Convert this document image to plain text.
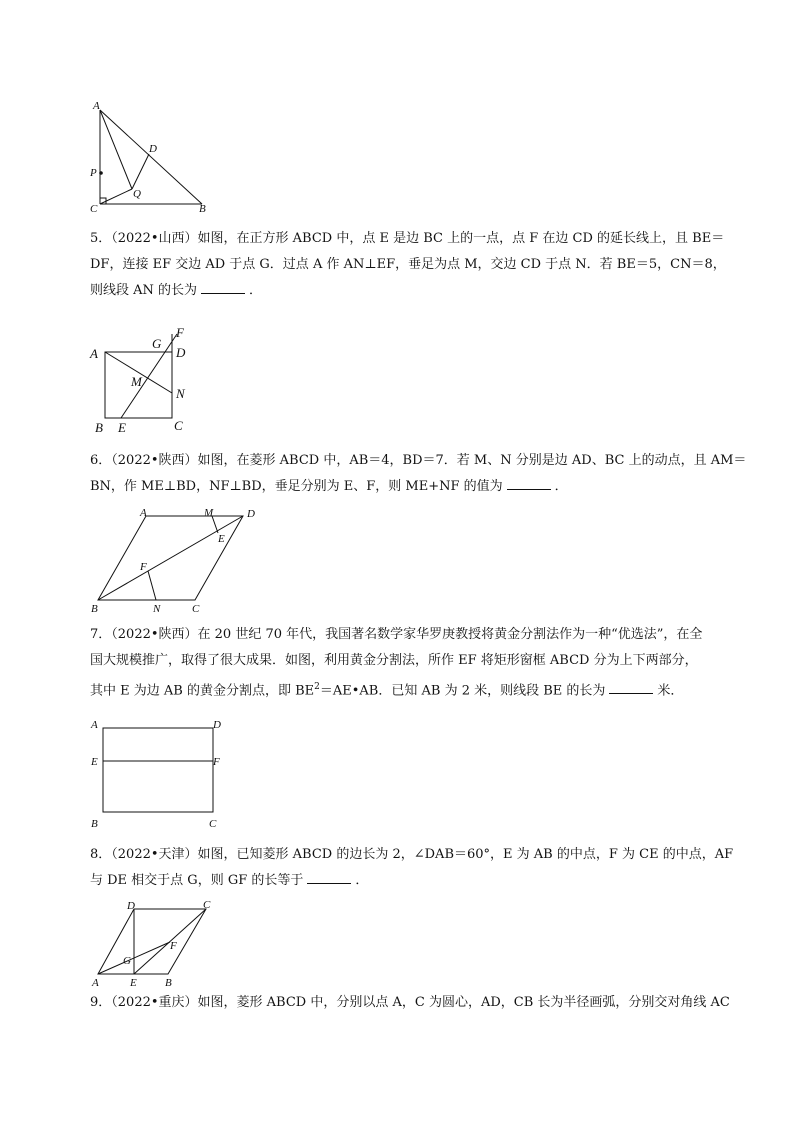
A
D
P
Q
C	B
5．（2022•山西）如图，在正方形 ABCD 中，点 E 是边 BC 上的一点，点 F 在边 CD 的延长线上，且 BE＝
DF，连接 EF 交边 AD 于点 G．过点 A 作 AN⊥EF，垂足为点 M，交边 CD 于点 N．若 BE＝5，CN＝8，
则线段 AN 的长为	．
A
G
F
D
M
N
B E	C
6．（2022•陕西）如图，在菱形 ABCD 中，AB＝4，BD＝7．若 M、N 分别是边 AD、BC 上的动点，且 AM＝
BN，作 ME⊥BD，NF⊥BD，垂足分别为 E、F，则 ME+NF 的值为	．
A	M	D
E
F
B	N	C
7．（2022•陕西）在 20 世纪 70 年代，我国著名数学家华罗庚教授将黄金分割法作为一种“优选法”，在全
国大规模推广，取得了很大成果．如图，利用黄金分割法，所作 EF 将矩形窗框 ABCD 分为上下两部分，
其中 E 为边 AB 的黄金分割点，即 $BE^2=AE•AB$．已知 AB 为 2 米，则线段 BE 的长为	米．
A	D
E	F
B	C
8．（2022•天津）如图，已知菱形 ABCD 的边长为 2，∠DAB＝60°，E 为 AB 的中点，F 为 CE 的中点，AF
与 DE 相交于点 G，则 GF 的长等于	．
D	C
F
G
A	E	B
9．（2022•重庆）如图，菱形 ABCD 中，分别以点 A，C 为圆心，AD，CB 长为半径画弧，分别交对角线 AC
